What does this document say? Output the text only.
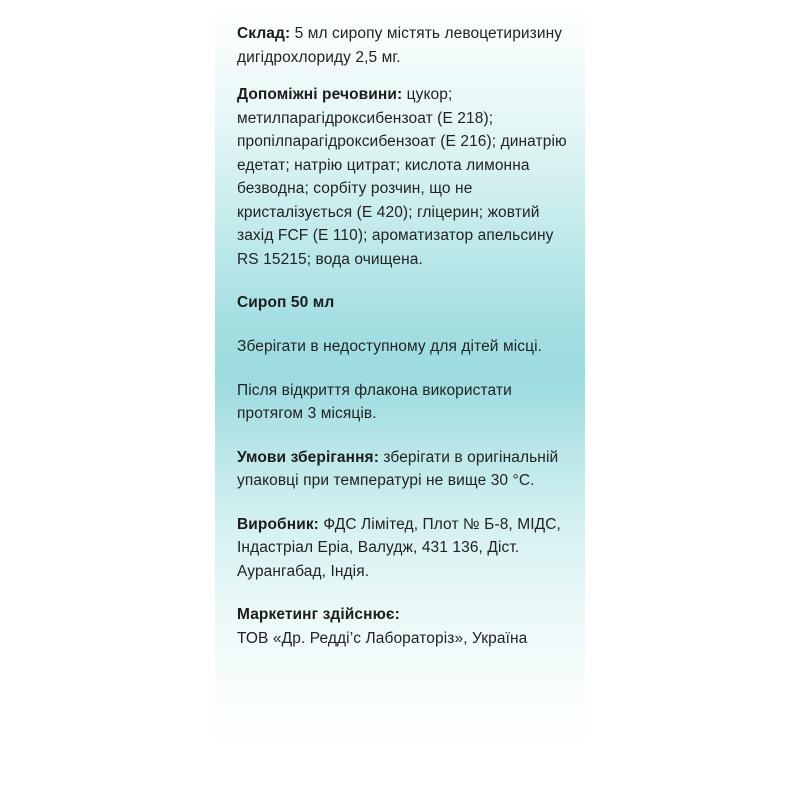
Склад: 5 мл сиропу містять левоцетиризину дигідрохлориду 2,5 мг.

Допоміжні речовини: цукор; метилпарагідроксибензоат (Е 218); пропілпарагідроксибензоат (Е 216); динатрію едетат; натрію цитрат; кислота лимонна безводна; сорбіту розчин, що не кристалізується (Е 420); гліцерин; жовтий захід FCF (Е 110); ароматизатор апельсину RS 15215; вода очищена.

Сироп 50 мл

Зберігати в недоступному для дітей місці.

Після відкриття флакона використати протягом 3 місяців.

Умови зберігання: зберігати в оригінальній упаковці при температурі не вище 30 °С.

Виробник: ФДС Лімітед, Плот № Б-8, МІДС, Індастріал Еріа, Валудж, 431 136, Діст. Аурангабад, Індія.

Маркетинг здійснює:

ТОВ «Др. Редді’с Лабораторіз», Україна
